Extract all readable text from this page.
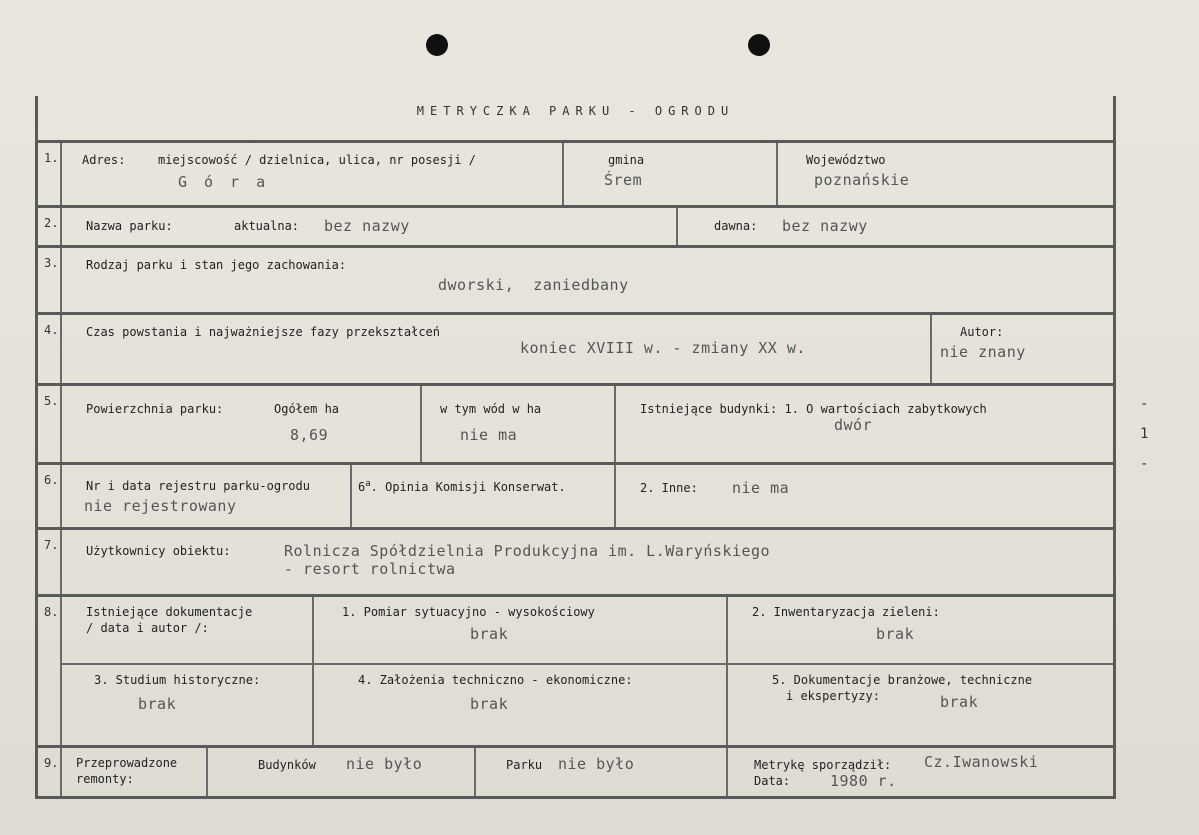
-
1
-
METRYCZKA PARKU - OGRODU
1. Adres:	miejscowość / dzielnica, ulica, nr posesji /
G ó r a
gmina
Śrem
Województwo
poznańskie
2. Nazwa parku:	aktualna: bez nazwy	dawna: bez nazwy
3. Rodzaj parku i stan jego zachowania:
dworski,  zaniedbany
4. Czas powstania i najważniejsze fazy przekształceń
koniec XVIII w. - zmiany XX w.
Autor:
nie znany
5.
Powierzchnia parku:	Ogółem ha
8,69
w tym wód w ha
nie ma
Istniejące budynki: 1. O wartościach zabytkowych
dwór
6. Nr i data rejestru parku-ogrodu
nie rejestrowany
6$^a$. Opinia Komisji Konserwat.	2. Inne: nie ma
7. Użytkownicy obiektu:	Rolnicza Spółdzielnia Produkcyjna im. L.Waryńskiego
- resort rolnictwa
8. Istniejące dokumentacje
/ data i autor /:
1. Pomiar sytuacyjno - wysokościowy
brak
4. Założenia techniczno - ekonomiczne:
brak
2. Inwentaryzacja zieleni:
brak
5. Dokumentacje branżowe, techniczne
i ekspertyzy:	brak
3. Studium historyczne:
brak
9. Przeprowadzone
remonty:
Budynków nie było	Parku nie było	Metrykę sporządził: Cz.Iwanowski
Data:	1980 r.
